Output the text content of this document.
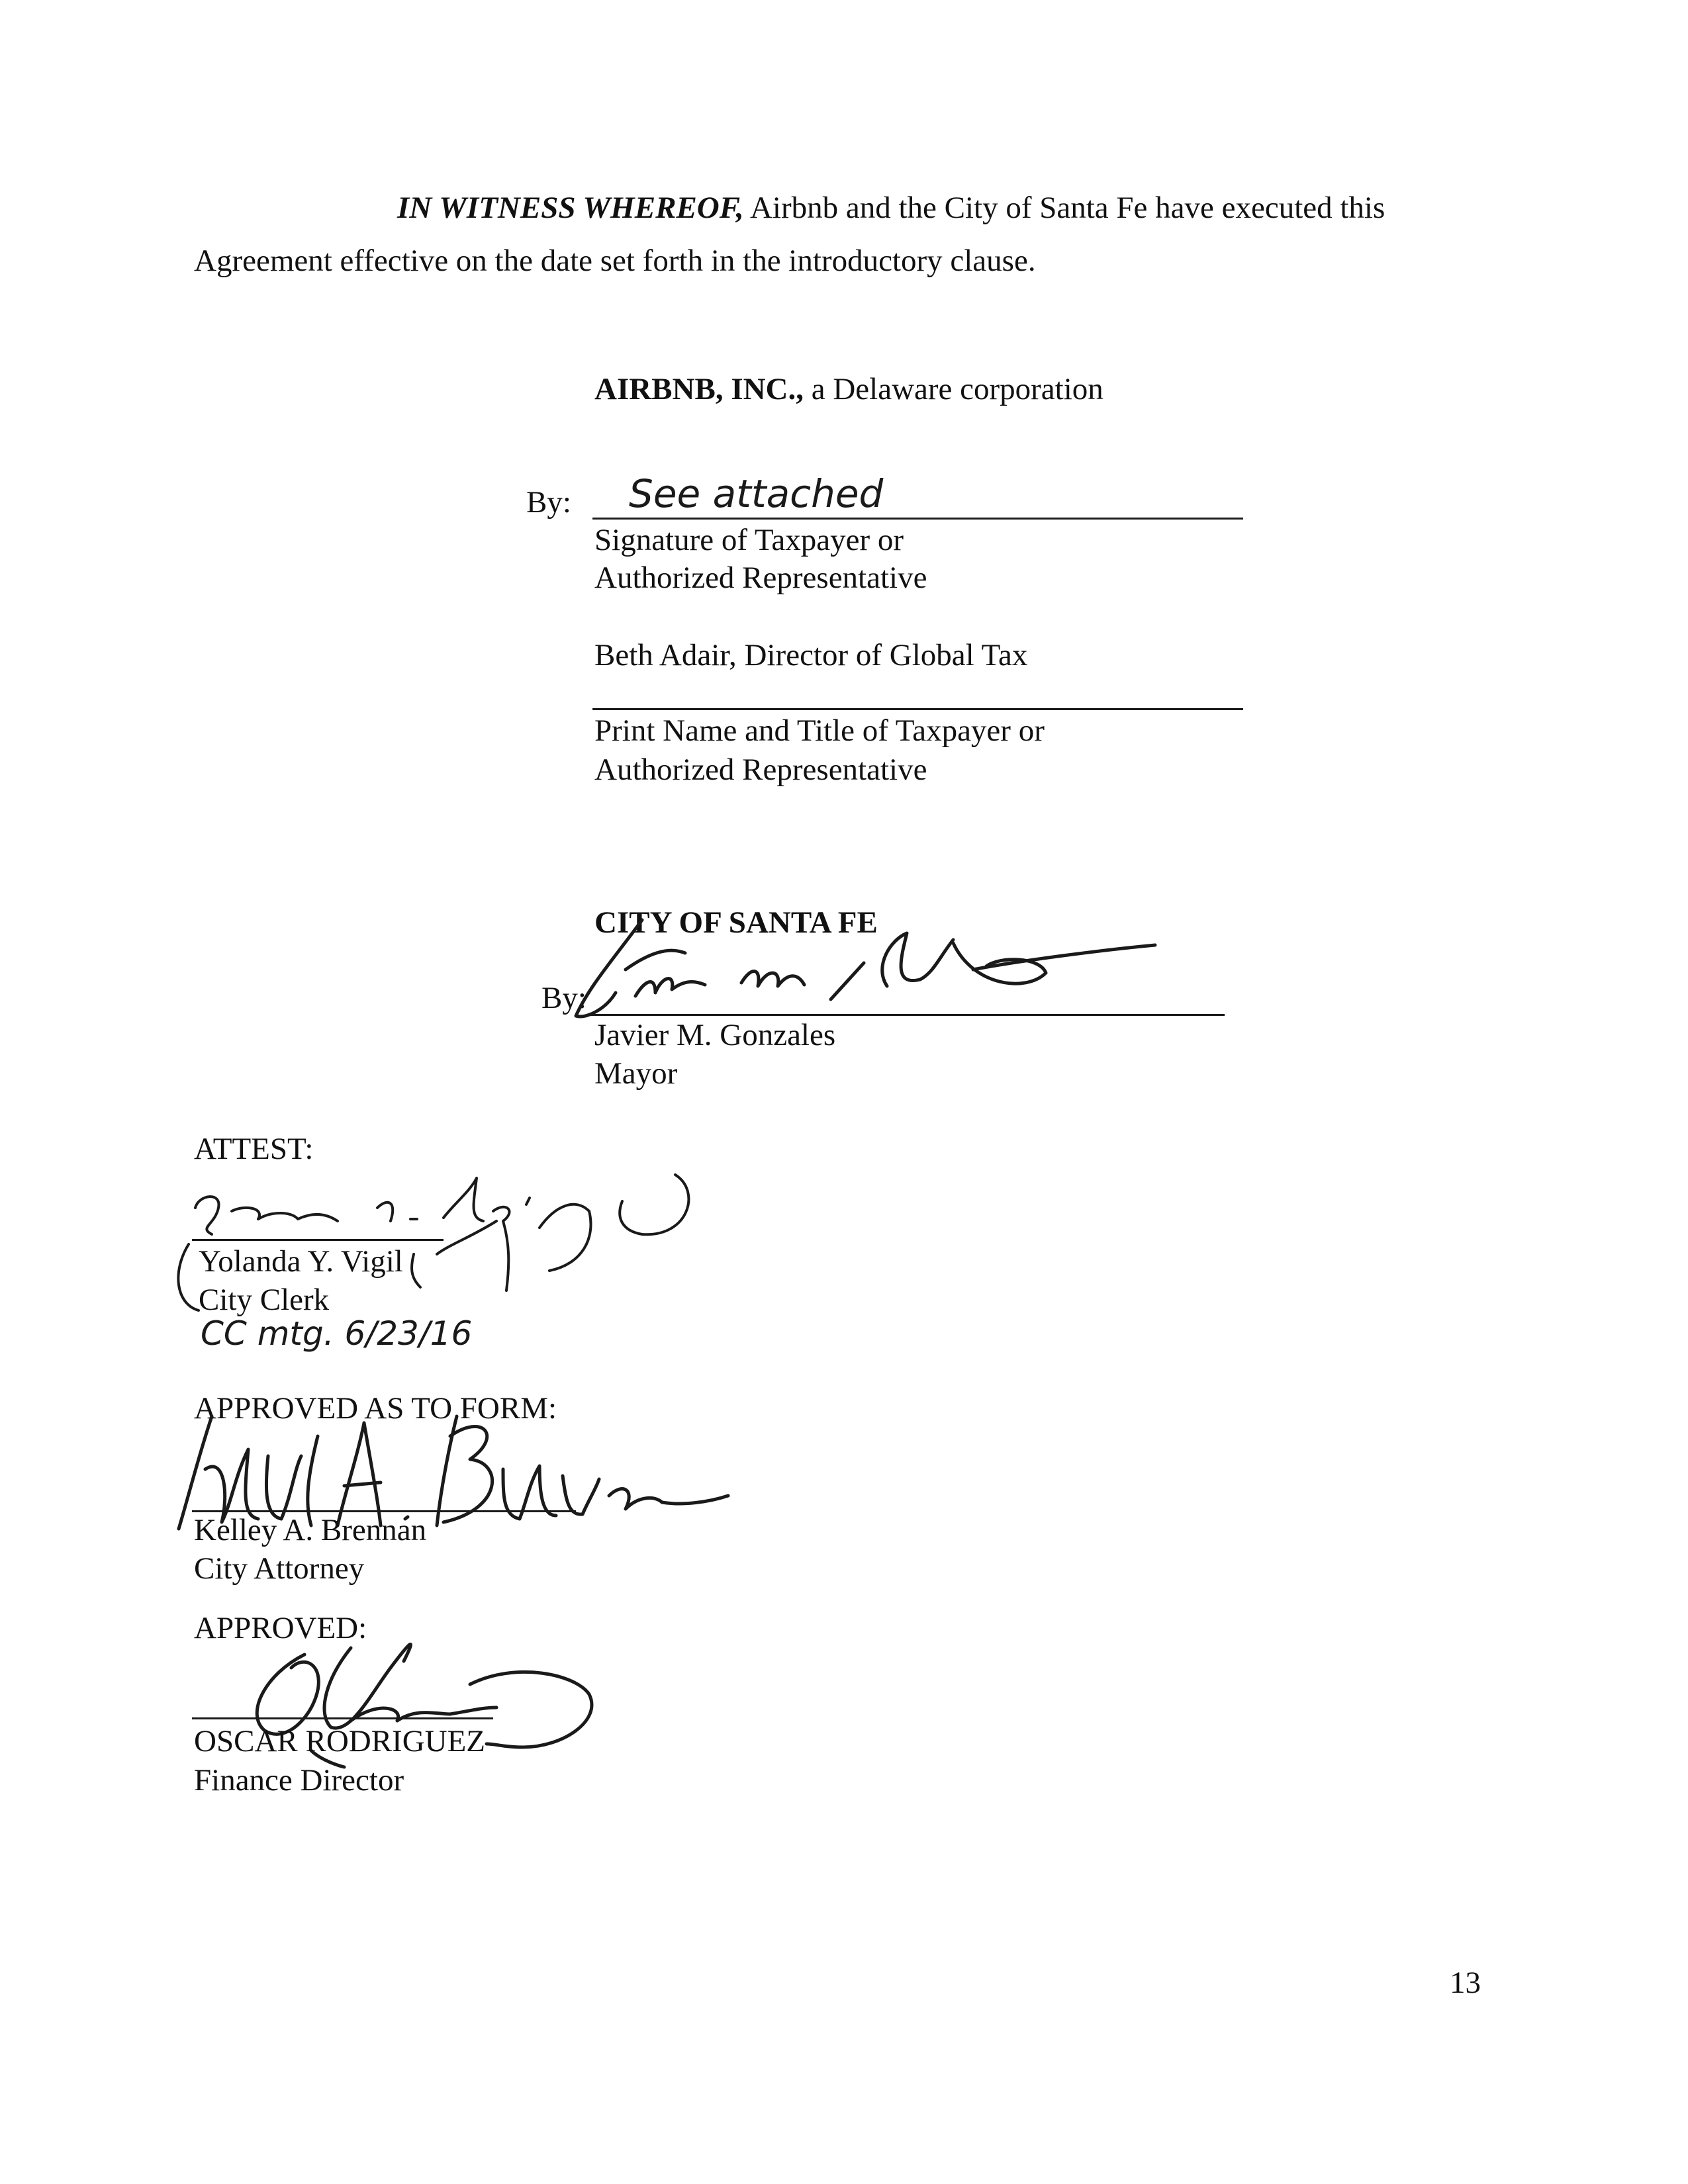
IN WITNESS WHEREOF, Airbnb and the City of Santa Fe have executed this
Agreement effective on the date set forth in the introductory clause.
AIRBNB, INC., a Delaware corporation
By: See attached
Signature of Taxpayer or
Authorized Representative
Beth Adair, Director of Global Tax
Print Name and Title of Taxpayer or
Authorized Representative
CITY OF SANTA FE
By:
Javier M. Gonzales
Mayor
ATTEST:
Yolanda Y. Vigil
City Clerk
CC mtg. 6/23/16
APPROVED AS TO FORM:
Kelley A. Brennan
City Attorney
APPROVED:
OSCAR RODRIGUEZ
Finance Director
13
